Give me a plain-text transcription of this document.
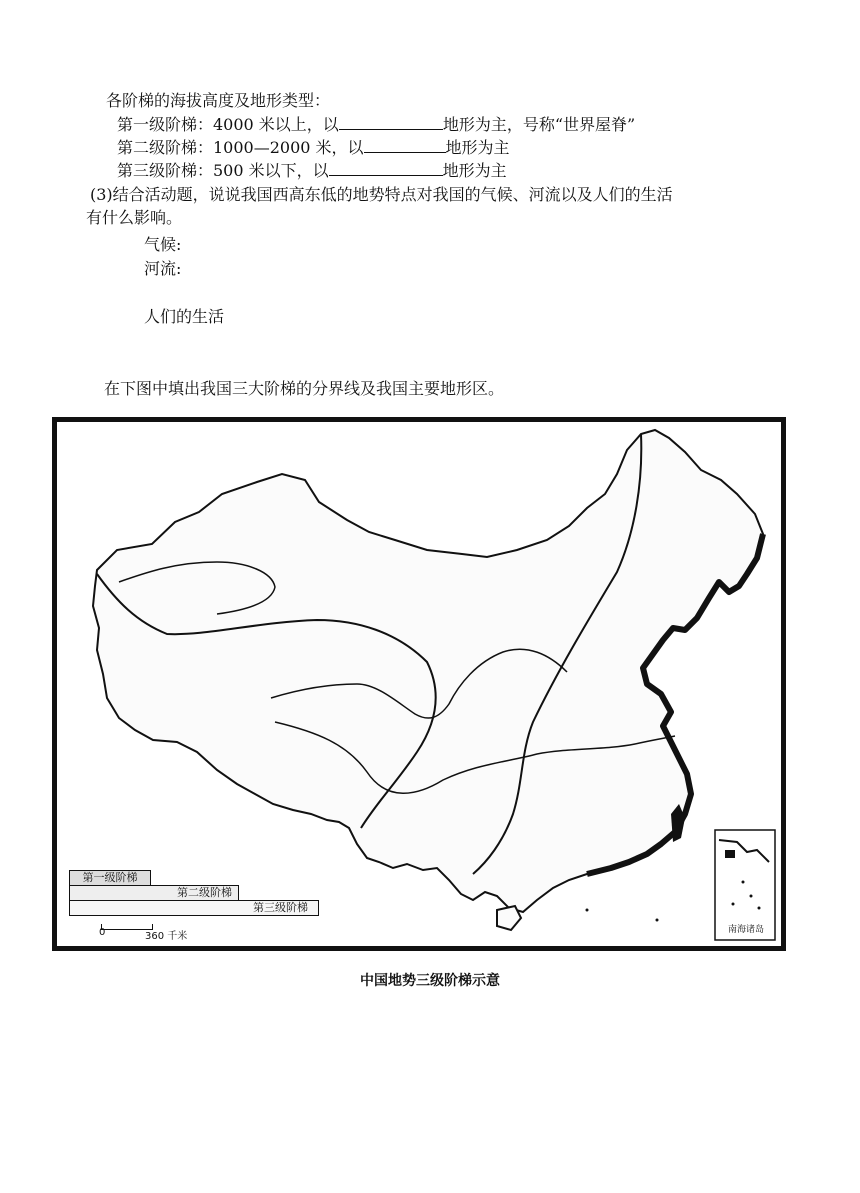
各阶梯的海拔高度及地形类型：
第一级阶梯：4000 米以上，以	地形为主，号称“世界屋脊”
第二级阶梯：1000—2000 米，以	地形为主
第三级阶梯：500 米以下，以	地形为主
(3)结合活动题，说说我国西高东低的地势特点对我国的气候、河流以及人们的生活
有什么影响。
气候:
河流:
人们的生活
在下图中填出我国三大阶梯的分界线及我国主要地形区。
南海诸岛
第一级阶梯
第二级阶梯
第三级阶梯
0	360 千米
中国地势三级阶梯示意
